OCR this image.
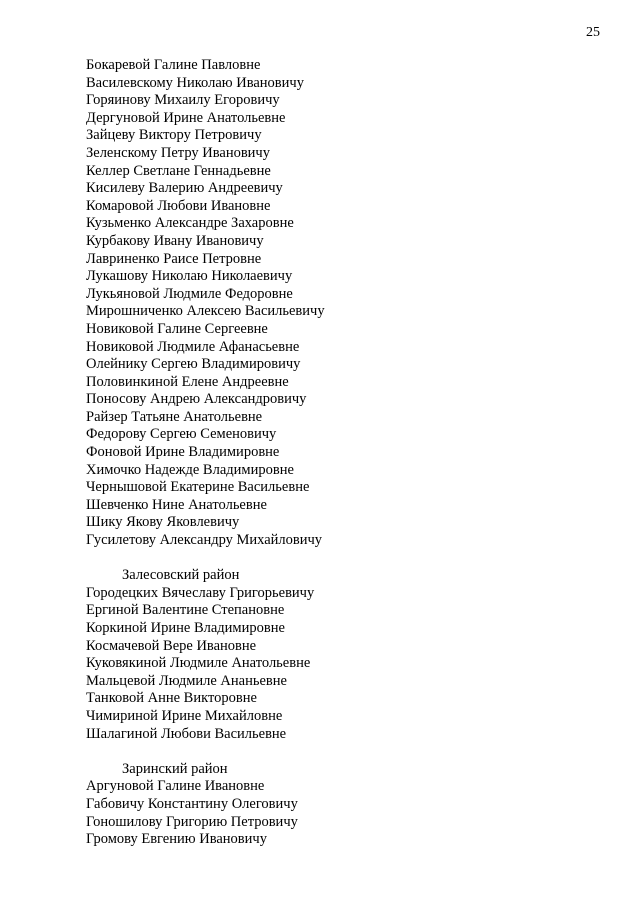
25
Бокаревой Галине Павловне
Василевскому Николаю Ивановичу
Горяинову Михаилу Егоровичу
Дергуновой Ирине Анатольевне
Зайцеву Виктору Петровичу
Зеленскому Петру Ивановичу
Келлер Светлане Геннадьевне
Кисилеву Валерию Андреевичу
Комаровой Любови Ивановне
Кузьменко Александре Захаровне
Курбакову Ивану Ивановичу
Лавриненко Раисе Петровне
Лукашову Николаю Николаевичу
Лукьяновой Людмиле Федоровне
Мирошниченко Алексею Васильевичу
Новиковой Галине Сергеевне
Новиковой Людмиле Афанасьевне
Олейнику Сергею Владимировичу
Половинкиной Елене Андреевне
Поносову Андрею Александровичу
Райзер Татьяне Анатольевне
Федорову Сергею Семеновичу
Фоновой Ирине Владимировне
Химочко Надежде Владимировне
Чернышовой Екатерине Васильевне
Шевченко Нине Анатольевне
Шику Якову Яковлевичу
Гусилетову Александру Михайловичу
Залесовский район
Городецких Вячеславу Григорьевичу
Ергиной Валентине Степановне
Коркиной Ирине Владимировне
Космачевой Вере Ивановне
Куковякиной Людмиле Анатольевне
Мальцевой Людмиле Ананьевне
Танковой Анне Викторовне
Чимириной Ирине Михайловне
Шалагиной Любови Васильевне
Заринский район
Аргуновой Галине Ивановне
Габовичу Константину Олеговичу
Гоношилову Григорию Петровичу
Громову Евгению Ивановичу
